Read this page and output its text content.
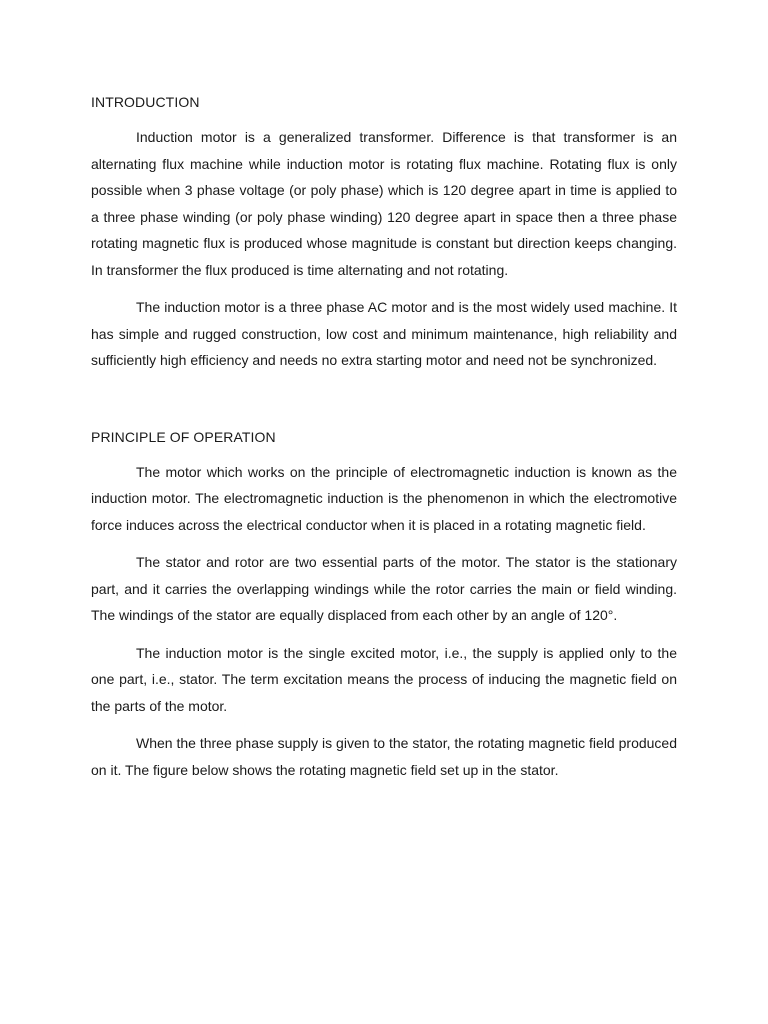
INTRODUCTION

Induction motor is a generalized transformer. Difference is that transformer is an alternating flux machine while induction motor is rotating flux machine. Rotating flux is only possible when 3 phase voltage (or poly phase) which is 120 degree apart in time is applied to a three phase winding (or poly phase winding) 120 degree apart in space then a three phase rotating magnetic flux is produced whose magnitude is constant but direction keeps changing. In transformer the flux produced is time alternating and not rotating.

The induction motor is a three phase AC motor and is the most widely used machine. It has simple and rugged construction, low cost and minimum maintenance, high reliability and sufficiently high efficiency and needs no extra starting motor and need not be synchronized.

PRINCIPLE OF OPERATION

The motor which works on the principle of electromagnetic induction is known as the induction motor. The electromagnetic induction is the phenomenon in which the electromotive force induces across the electrical conductor when it is placed in a rotating magnetic field.

The stator and rotor are two essential parts of the motor. The stator is the stationary part, and it carries the overlapping windings while the rotor carries the main or field winding. The windings of the stator are equally displaced from each other by an angle of 120°.

The induction motor is the single excited motor, i.e., the supply is applied only to the one part, i.e., stator. The term excitation means the process of inducing the magnetic field on the parts of the motor.

When the three phase supply is given to the stator, the rotating magnetic field produced on it. The figure below shows the rotating magnetic field set up in the stator.
